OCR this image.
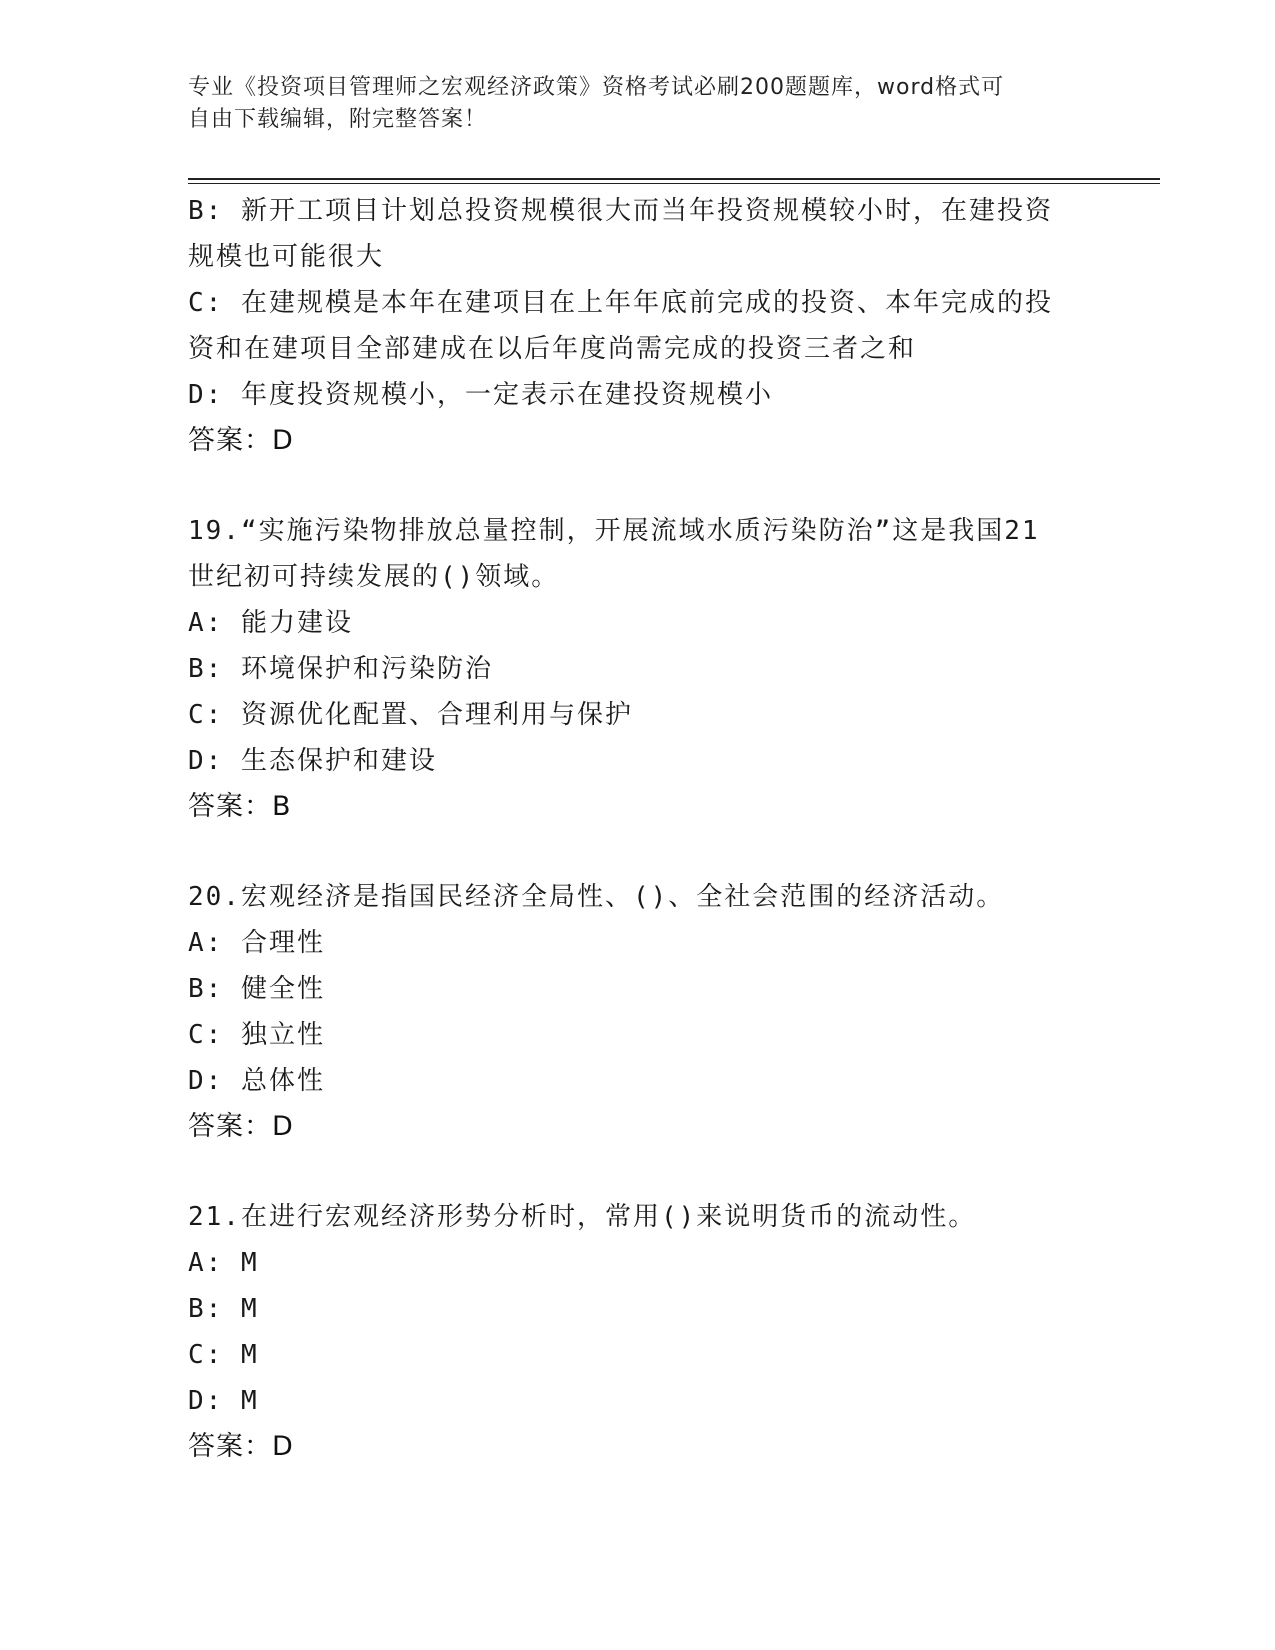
专业《投资项目管理师之宏观经济政策》资格考试必刷200题题库，word格式可
自由下载编辑，附完整答案！
B: 新开工项目计划总投资规模很大而当年投资规模较小时，在建投资
规模也可能很大
C: 在建规模是本年在建项目在上年年底前完成的投资、本年完成的投
资和在建项目全部建成在以后年度尚需完成的投资三者之和
D: 年度投资规模小，一定表示在建投资规模小
答案：D
19.“实施污染物排放总量控制，开展流域水质污染防治”这是我国21
世纪初可持续发展的()领域。
A: 能力建设
B: 环境保护和污染防治
C: 资源优化配置、合理利用与保护
D: 生态保护和建设
答案：B
20.宏观经济是指国民经济全局性、()、全社会范围的经济活动。
A: 合理性
B: 健全性
C: 独立性
D: 总体性
答案：D
21.在进行宏观经济形势分析时，常用()来说明货币的流动性。
A: M
B: M
C: M
D: M
答案：D
